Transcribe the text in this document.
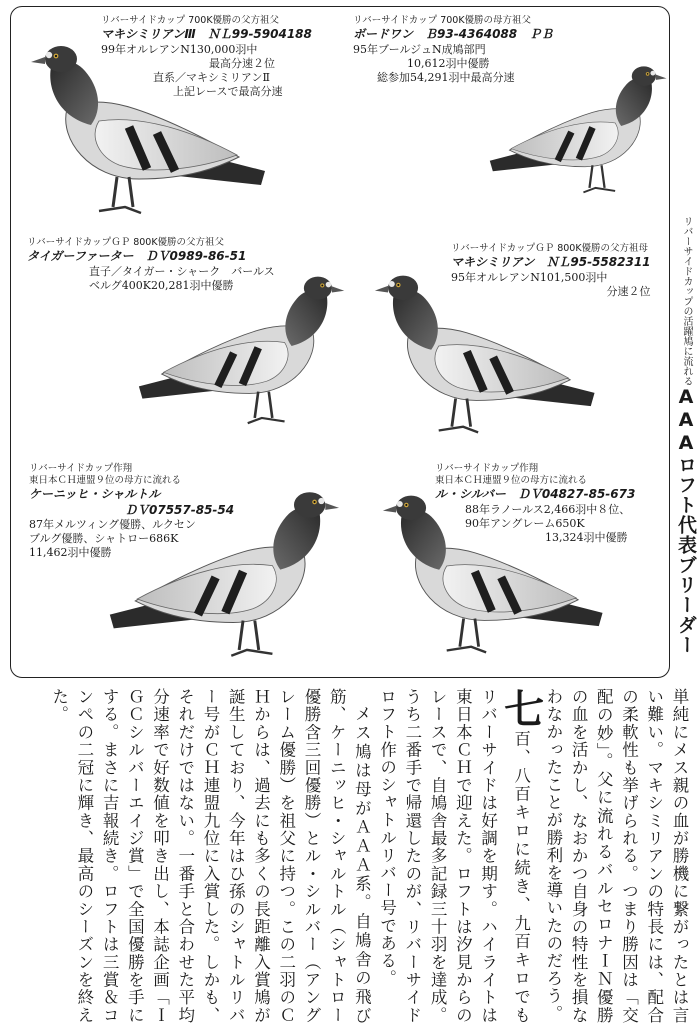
リバーサイドカップ 700K優勝の父方祖父
マキシミリアンⅢ　ＮＬ99-5904188
99年オルレアンN130,000羽中
最高分速２位
直系／マキシミリアンⅡ
上記レースで最高分速
リバーサイドカップ 700K優勝の母方祖父
ボードワン　Ｂ93-4364088　ＰＢ
95年ブールジュN成鳩部門
10,612羽中優勝
総参加54,291羽中最高分速
リバーサイドカップＧＰ 800K優勝の父方祖父
タイガーファーター　ＤＶ0989-86-51
直子／タイガー・シャーク　バールス
ベルグ400K20,281羽中優勝
リバーサイドカップＧＰ 800K優勝の父方祖母
マキシミリアン　ＮＬ95-5582311
95年オルレアンN101,500羽中
分速２位
リバーサイドカップ作翔
東日本ＣＨ連盟９位の母方に流れる
ケーニッヒ・シャルトル
ＤＶ07557-85-54
87年メルツィング優勝、ルクセン
ブルグ優勝、シャトロー686K
11,462羽中優勝
リバーサイドカップ作翔
東日本ＣＨ連盟９位の母方に流れる
ル・シルバー　ＤＶ04827-85-673
88年ラノールス2,466羽中８位、
90年アングレーム650K
13,324羽中優勝
リバーサイドカップの活躍鳩に流れるAAAロフト代表ブリーダー

単純にメス親の血が勝機に繋がったとは言い難い。マキシミリアンの特長には、配合の柔軟性も挙げられる。つまり勝因は「交配の妙」。父に流れるバルセロナＩＮ優勝の血を活かし、なおかつ自身の特性を損なわなかったことが勝利を導いたのだろう。

七百、八百キロに続き、九百キロでもリバーサイドは好調を期す。ハイライトは東日本ＣＨで迎えた。ロフトは汐見からのレースで、自鳩舎最多記録三十羽を達成。うち二番手で帰還したのが、リバーサイドロフト作のシャトルリバー号である。

メス鳩は母がＡＡＡ系。自鳩舎の飛び筋、ケーニッヒ・シャルトル（シャトロー優勝含三回優勝）とル・シルバー（アングレーム優勝）を祖父に持つ。この二羽のＣＨからは、過去にも多くの長距離入賞鳩が誕生しており、今年はひ孫のシャトルリバー号がＣＨ連盟九位に入賞した。しかも、それだけではない。一番手と合わせた平均分速率で好数値を叩き出し、本誌企画「ＩＧＣシルバーエイジ賞」で全国優勝を手にする。まさに吉報続き。ロフトは三賞＆コンペの二冠に輝き、最高のシーズンを終えた。
